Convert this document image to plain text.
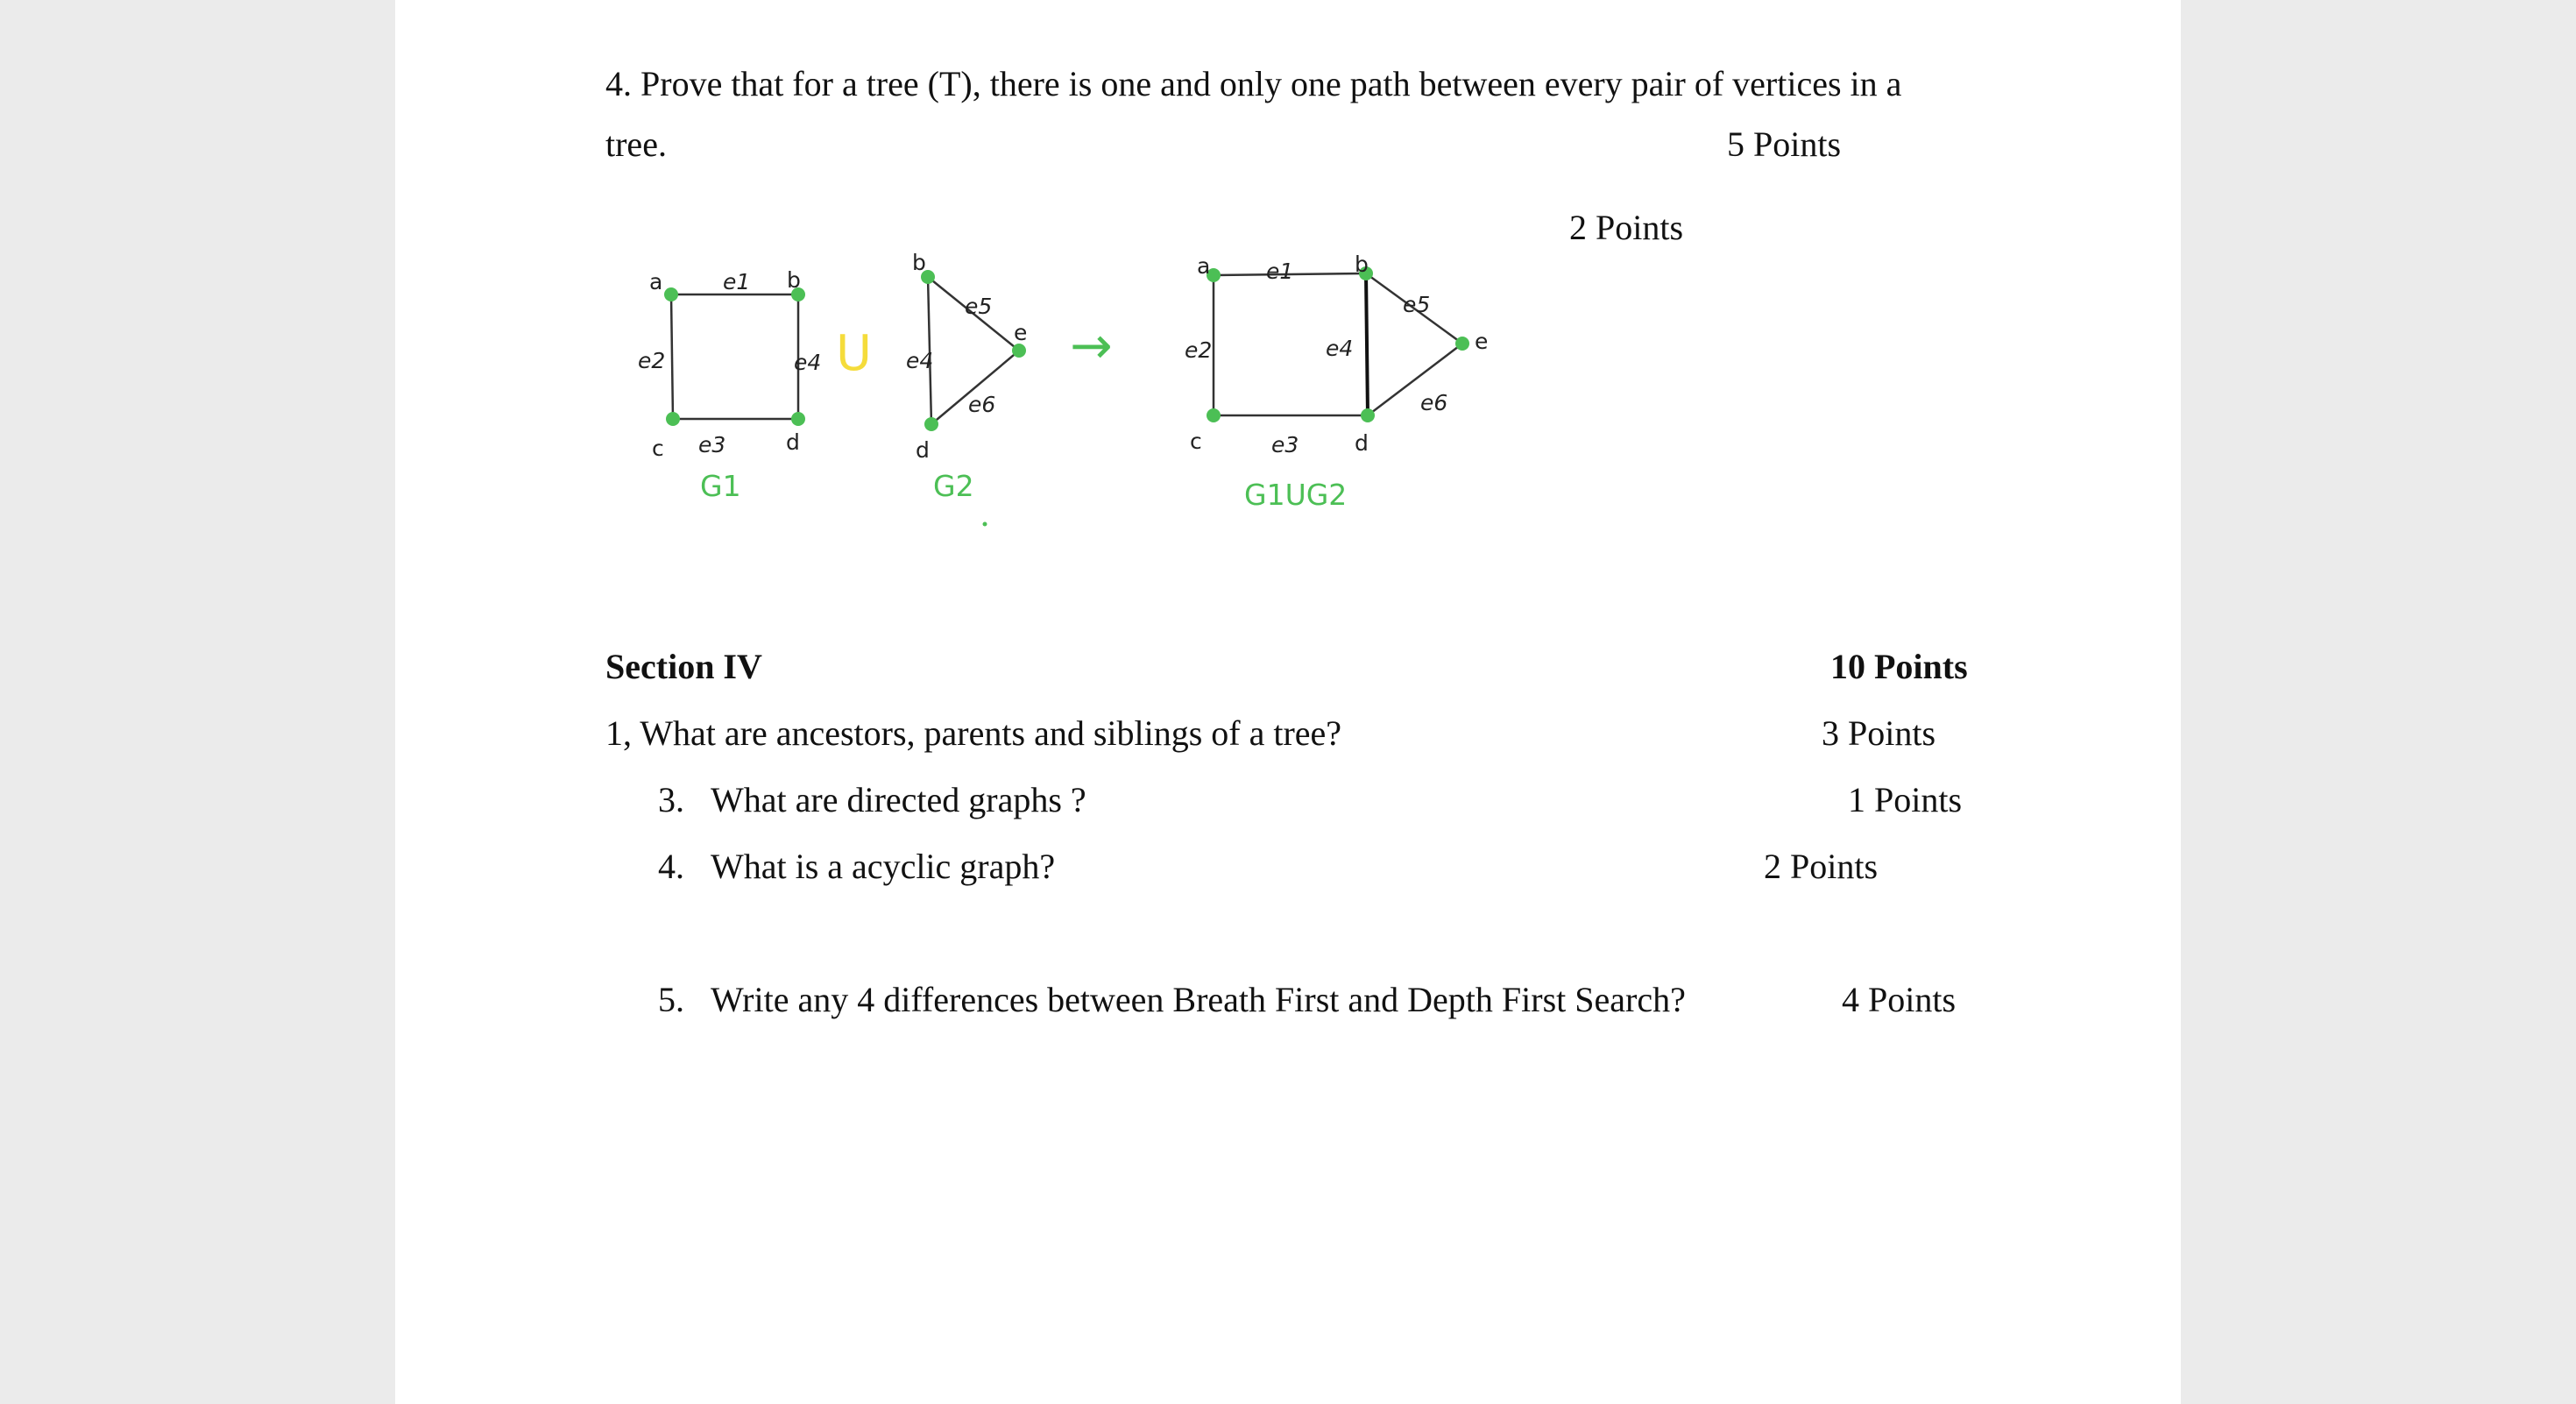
4. Prove that for a tree (T), there is one and only one path between every pair of vertices in a
tree.	5 Points
2 Points
a	b
c	d
e1
e2
e3
e4
G1
U
b
d
e
e4
e5
e6
G2
→
a	b
c	d
e
e1
e2
e3
e4
e5
e6
G1UG2
Section IV	10 Points
1, What are ancestors, parents and siblings of a tree?	3 Points
3. What are directed graphs ?	1 Points
4. What is a acyclic graph?	2 Points
5. Write any 4 differences between Breath First and Depth First Search?	4 Points
